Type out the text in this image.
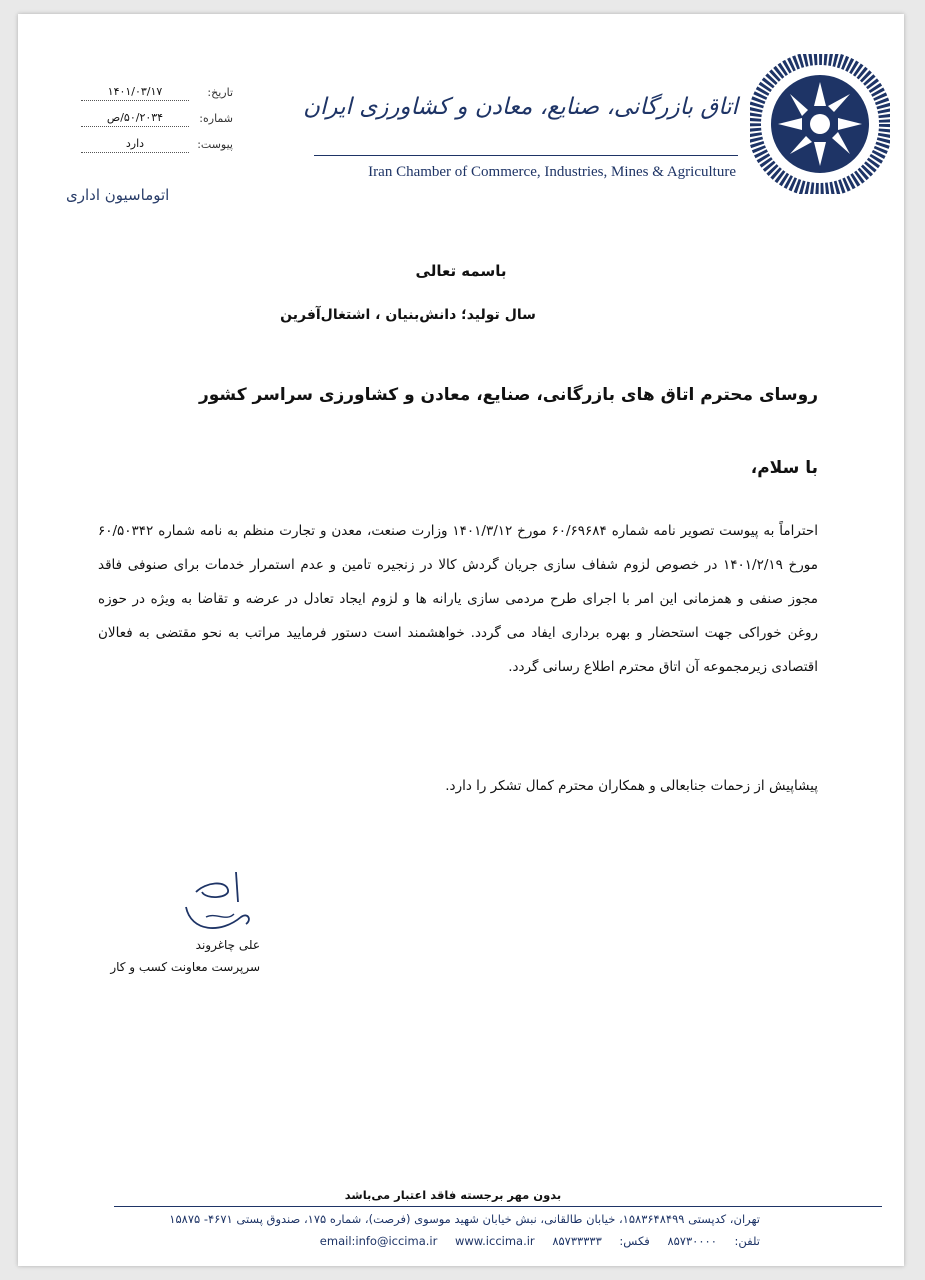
تاریخ:
۱۴۰۱/۰۳/۱۷
شماره:
۵۰/۲۰۳۴/ص
پیوست:
دارد
اتوماسیون اداری
اتاق بازرگانی، صنایع، معادن و کشاورزی ایران
Iran Chamber of Commerce, Industries, Mines & Agriculture
باسمه تعالی
سال تولید؛ دانش‌بنیان ، اشتغال‌آفرین
روسای محترم اتاق های بازرگانی، صنایع، معادن و کشاورزی سراسر کشور
با سلام،
احتراماً به پیوست تصویر نامه شماره ۶۰/۶۹۶۸۴ مورخ ۱۴۰۱/۳/۱۲ وزارت صنعت، معدن و تجارت منظم به نامه شماره ۶۰/۵۰۳۴۲ مورخ ۱۴۰۱/۲/۱۹ در خصوص لزوم شفاف سازی جریان گردش کالا در زنجیره تامین و عدم استمرار خدمات برای صنوفی فاقد مجوز صنفی و همزمانی این امر با اجرای طرح مردمی سازی یارانه ها و لزوم ایجاد تعادل در عرضه و تقاضا به ویژه در حوزه روغن خوراکی جهت استحضار و بهره برداری ایفاد می گردد. خواهشمند است دستور فرمایید مراتب به نحو مقتضی به فعالان اقتصادی زیرمجموعه آن اتاق محترم اطلاع رسانی گردد.
پیشاپیش از زحمات جنابعالی و همکاران محترم کمال تشکر را دارد.
علی چاغروند
سرپرست معاونت کسب و کار
بدون مهر برجسته فاقد اعتبار می‌باشد
تهران، کدپستی ۱۵۸۳۶۴۸۴۹۹، خیابان طالقانی، نبش خیابان شهید موسوی (فرصت)، شماره ۱۷۵، صندوق پستی ۴۶۷۱- ۱۵۸۷۵
تلفن: ۸۵۷۳۰۰۰۰ فکس: ۸۵۷۳۳۳۳۳ email:info@iccima.ir www.iccima.ir
